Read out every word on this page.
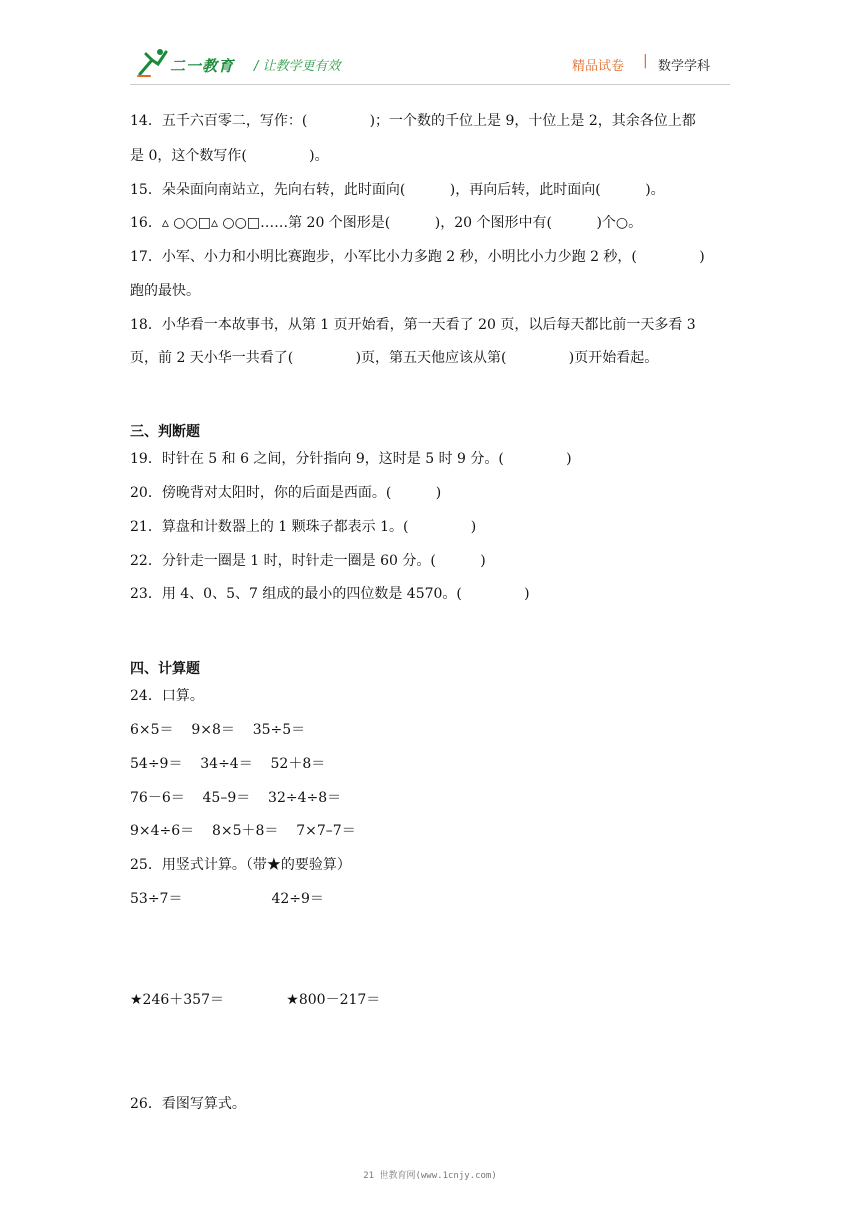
二一教育 / 让教学更有效	精品试卷 | 数学学科
14．五千六百零二，写作：(              )；一个数的千位上是 9，十位上是 2，其余各位上都
是 0，这个数写作(              )。
15．朵朵面向南站立，先向右转，此时面向(          )，再向后转，此时面向(          )。
16．▵ ○○□▵ ○○□……第 20 个图形是(          )，20 个图形中有(          )个○。
17．小军、小力和小明比赛跑步，小军比小力多跑 2 秒，小明比小力少跑 2 秒，(              )
跑的最快。
18．小华看一本故事书，从第 1 页开始看，第一天看了 20 页，以后每天都比前一天多看 3
页，前 2 天小华一共看了(              )页，第五天他应该从第(              )页开始看起。
三、判断题
19．时针在 5 和 6 之间，分针指向 9，这时是 5 时 9 分。(              )
20．傍晚背对太阳时，你的后面是西面。(          )
21．算盘和计数器上的 1 颗珠子都表示 1。(              )
22．分针走一圈是 1 时，时针走一圈是 60 分。(          )
23．用 4、0、5、7 组成的最小的四位数是 4570。(              )
四、计算题
24．口算。
6×5＝    9×8＝    35÷5＝
54÷9＝    34÷4＝    52＋8＝
76－6＝    45–9＝    32÷4÷8＝
9×4÷6＝    8×5＋8＝    7×7–7＝
25．用竖式计算。（带★的要验算）
53÷7＝                    42÷9＝
★246＋357＝              ★800－217＝
26．看图写算式。
21 世教育网(www.1cnjy.com)
